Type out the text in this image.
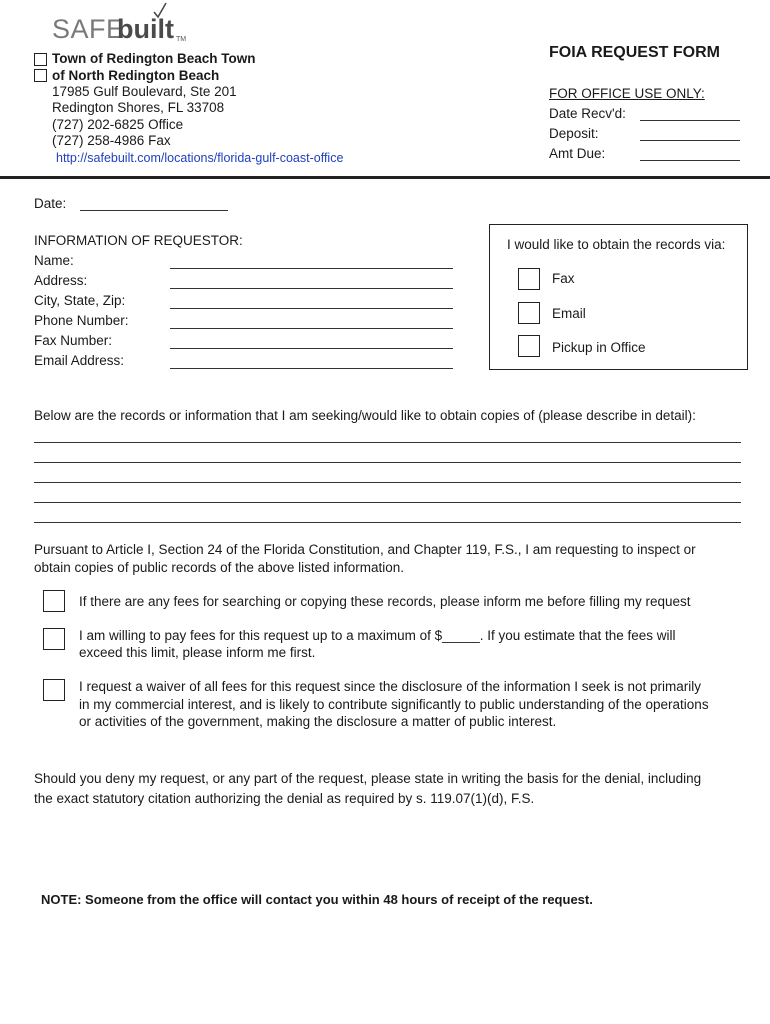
SAFE
built TM
Town of Redington Beach Town
of North Redington Beach
17985 Gulf Boulevard, Ste 201
Redington Shores, FL 33708
(727) 202-6825 Office
(727) 258-4986 Fax
http://safebuilt.com/locations/florida-gulf-coast-office
FOIA REQUEST FORM
FOR OFFICE USE ONLY:
Date Recv'd:
Deposit:
Amt Due:
Date:
INFORMATION OF REQUESTOR:
Name:
Address:
City, State, Zip:
Phone Number:
Fax Number:
Email Address:
I would like to obtain the records via:
Fax
Email
Pickup in Office
Below are the records or information that I am seeking/would like to obtain copies of (please describe in detail):
Pursuant to Article I, Section 24 of the Florida Constitution, and Chapter 119, F.S., I am requesting to inspect or
obtain copies of public records of the above listed information.
If there are any fees for searching or copying these records, please inform me before filling my request
I am willing to pay fees for this request up to a maximum of $_____. If you estimate that the fees will
exceed this limit, please inform me first.
I request a waiver of all fees for this request since the disclosure of the information I seek is not primarily
in my commercial interest, and is likely to contribute significantly to public understanding of the operations
or activities of the government, making the disclosure a matter of public interest.
Should you deny my request, or any part of the request, please state in writing the basis for the denial, including
the exact statutory citation authorizing the denial as required by s. 119.07(1)(d), F.S.
NOTE: Someone from the office will contact you within 48 hours of receipt of the request.
